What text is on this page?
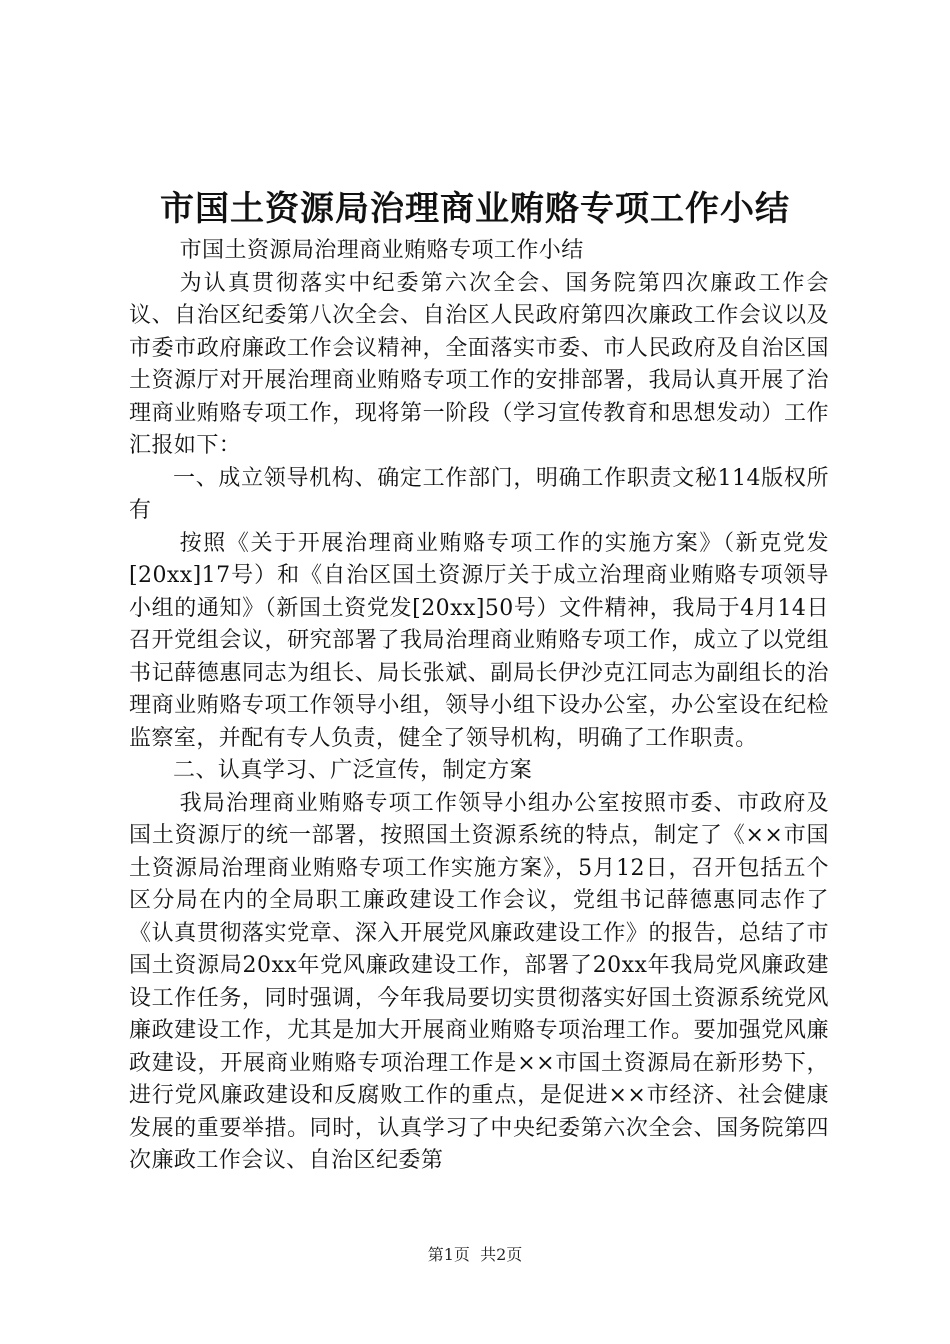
市国土资源局治理商业贿赂专项工作小结

市国土资源局治理商业贿赂专项工作小结

为认真贯彻落实中纪委第六次全会、国务院第四次廉政工作会议、自治区纪委第八次全会、自治区人民政府第四次廉政工作会议以及市委市政府廉政工作会议精神，全面落实市委、市人民政府及自治区国土资源厅对开展治理商业贿赂专项工作的安排部署，我局认真开展了治理商业贿赂专项工作，现将第一阶段（学习宣传教育和思想发动）工作汇报如下：

一、成立领导机构、确定工作部门，明确工作职责文秘114版权所有

按照《关于开展治理商业贿赂专项工作的实施方案》（新克党发[20xx]17号）和《自治区国土资源厅关于成立治理商业贿赂专项领导小组的通知》（新国土资党发[20xx]50号）文件精神，我局于4月14日召开党组会议，研究部署了我局治理商业贿赂专项工作，成立了以党组书记薛德惠同志为组长、局长张斌、副局长伊沙克江同志为副组长的治理商业贿赂专项工作领导小组，领导小组下设办公室，办公室设在纪检监察室，并配有专人负责，健全了领导机构，明确了工作职责。

二、认真学习、广泛宣传，制定方案

我局治理商业贿赂专项工作领导小组办公室按照市委、市政府及国土资源厅的统一部署，按照国土资源系统的特点，制定了《××市国土资源局治理商业贿赂专项工作实施方案》，5月12日，召开包括五个区分局在内的全局职工廉政建设工作会议，党组书记薛德惠同志作了《认真贯彻落实党章、深入开展党风廉政建设工作》的报告，总结了市国土资源局20xx年党风廉政建设工作，部署了20xx年我局党风廉政建设工作任务，同时强调，今年我局要切实贯彻落实好国土资源系统党风廉政建设工作，尤其是加大开展商业贿赂专项治理工作。要加强党风廉政建设，开展商业贿赂专项治理工作是××市国土资源局在新形势下，进行党风廉政建设和反腐败工作的重点，是促进××市经济、社会健康发展的重要举措。同时，认真学习了中央纪委第六次全会、国务院第四次廉政工作会议、自治区纪委第

第1页 共2页
